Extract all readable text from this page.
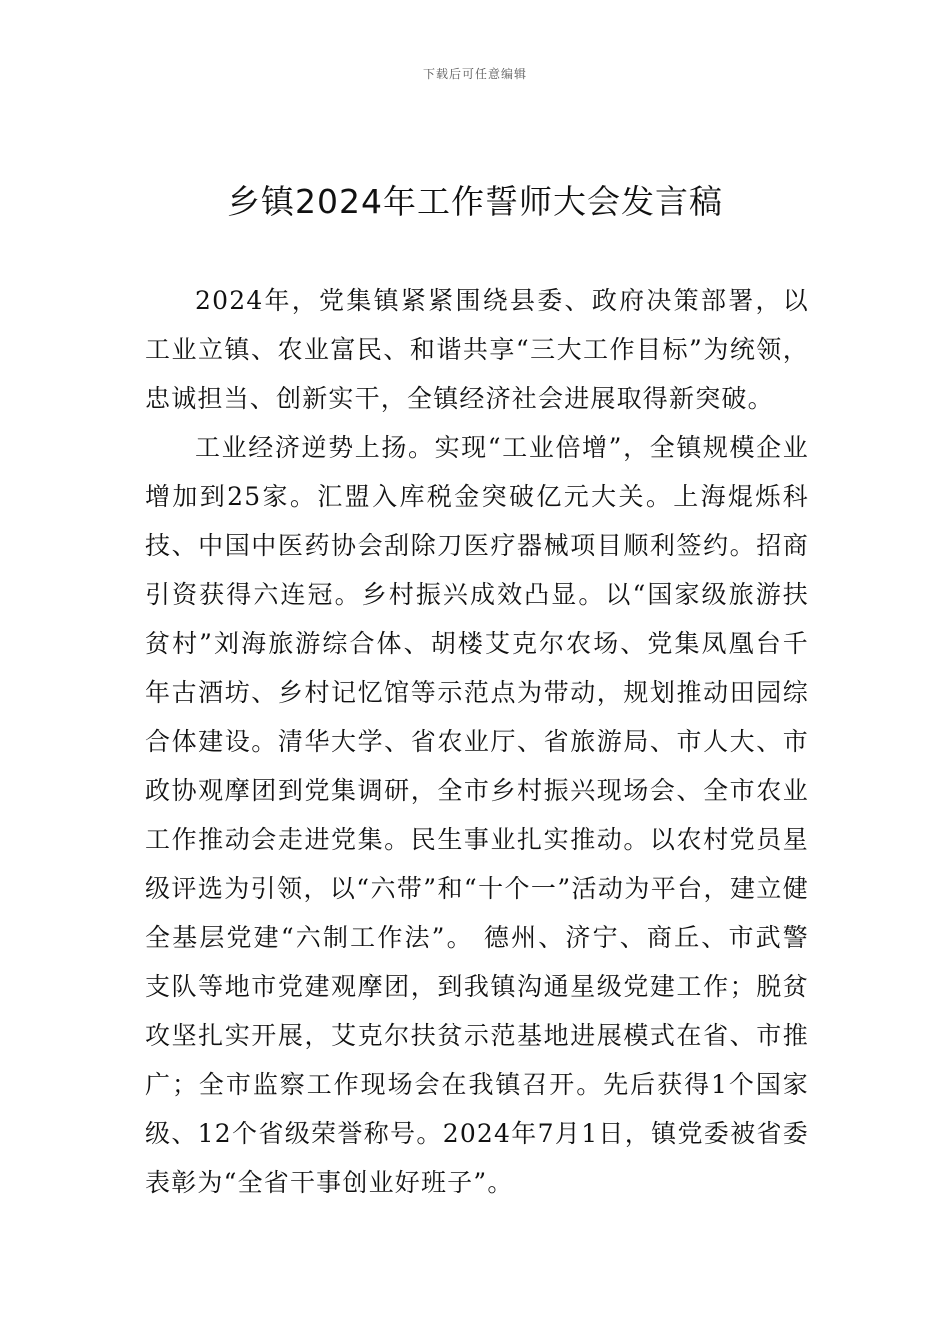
下载后可任意编辑
乡镇2024年工作誓师大会发言稿

2024年，党集镇紧紧围绕县委、政府决策部署，以工业立镇、农业富民、和谐共享“三大工作目标”为统领，忠诚担当、创新实干，全镇经济社会进展取得新突破。

工业经济逆势上扬。实现“工业倍增”，全镇规模企业增加到25家。汇盟入库税金突破亿元大关。上海焜烁科技、中国中医药协会刮除刀医疗器械项目顺利签约。招商引资获得六连冠。乡村振兴成效凸显。以“国家级旅游扶贫村”刘海旅游综合体、胡楼艾克尔农场、党集凤凰台千年古酒坊、乡村记忆馆等示范点为带动，规划推动田园综合体建设。清华大学、省农业厅、省旅游局、市人大、市政协观摩团到党集调研，全市乡村振兴现场会、全市农业工作推动会走进党集。民生事业扎实推动。以农村党员星级评选为引领，以“六带”和“十个一”活动为平台，建立健全基层党建“六制工作法”。 德州、济宁、商丘、市武警支队等地市党建观摩团，到我镇沟通星级党建工作；脱贫攻坚扎实开展，艾克尔扶贫示范基地进展模式在省、市推广；全市监察工作现场会在我镇召开。先后获得1个国家级、12个省级荣誉称号。2024年7月1日，镇党委被省委表彰为“全省干事创业好班子”。
